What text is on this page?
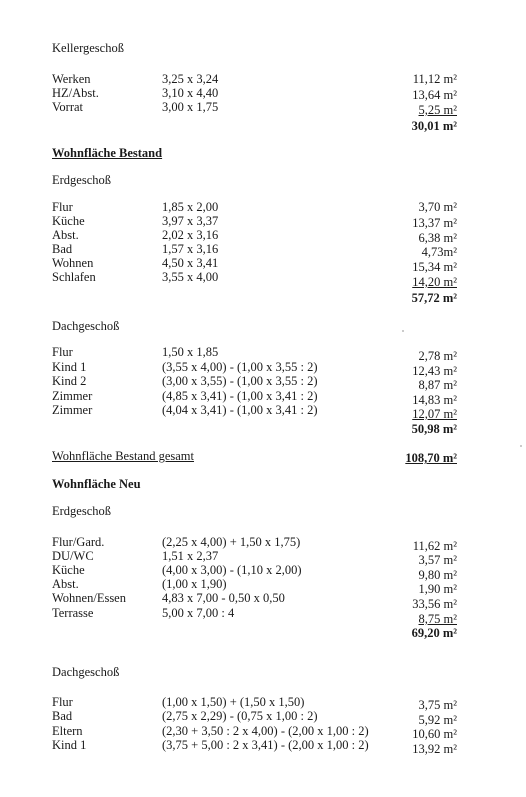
Kellergeschoß
Werken	3,25 x 3,24	11,12 m²
HZ/Abst.	3,10 x 4,40	13,64 m²
Vorrat	3,00 x 1,75	5,25 m²
30,01 m²
Wohnfläche Bestand
Erdgeschoß
Flur	1,85 x 2,00	3,70 m²
Küche	3,97 x 3,37	13,37 m²
Abst.	2,02 x 3,16	6,38 m²
Bad	1,57 x 3,16	4,73m²
Wohnen	4,50 x 3,41	15,34 m²
Schlafen	3,55 x 4,00	14,20 m²
57,72 m²
Dachgeschoß
Flur	1,50 x 1,85	2,78 m²
Kind 1	(3,55 x 4,00) - (1,00 x 3,55 : 2)	12,43 m²
Kind 2	(3,00 x 3,55) - (1,00 x 3,55 : 2)	8,87 m²
Zimmer	(4,85 x 3,41) - (1,00 x 3,41 : 2)	14,83 m²
Zimmer	(4,04 x 3,41) - (1,00 x 3,41 : 2)	12,07 m²
50,98 m²
Wohnfläche Bestand gesamt	108,70 m²
Wohnfläche Neu
Erdgeschoß
Flur/Gard.	(2,25 x 4,00) + 1,50 x 1,75)	11,62 m²
DU/WC	1,51 x 2,37	3,57 m²
Küche	(4,00 x 3,00) - (1,10 x 2,00)	9,80 m²
Abst.	(1,00 x 1,90)	1,90 m²
Wohnen/Essen	4,83 x 7,00 - 0,50 x 0,50	33,56 m²
Terrasse	5,00 x 7,00 : 4	8,75 m²
69,20 m²
Dachgeschoß
Flur	(1,00 x 1,50) + (1,50 x 1,50)	3,75 m²
Bad	(2,75 x 2,29) - (0,75 x 1,00 : 2)	5,92 m²
Eltern	(2,30 + 3,50 : 2 x 4,00) - (2,00 x 1,00 : 2)	10,60 m²
Kind 1	(3,75 + 5,00 : 2 x 3,41) - (2,00 x 1,00 : 2)	13,92 m²
